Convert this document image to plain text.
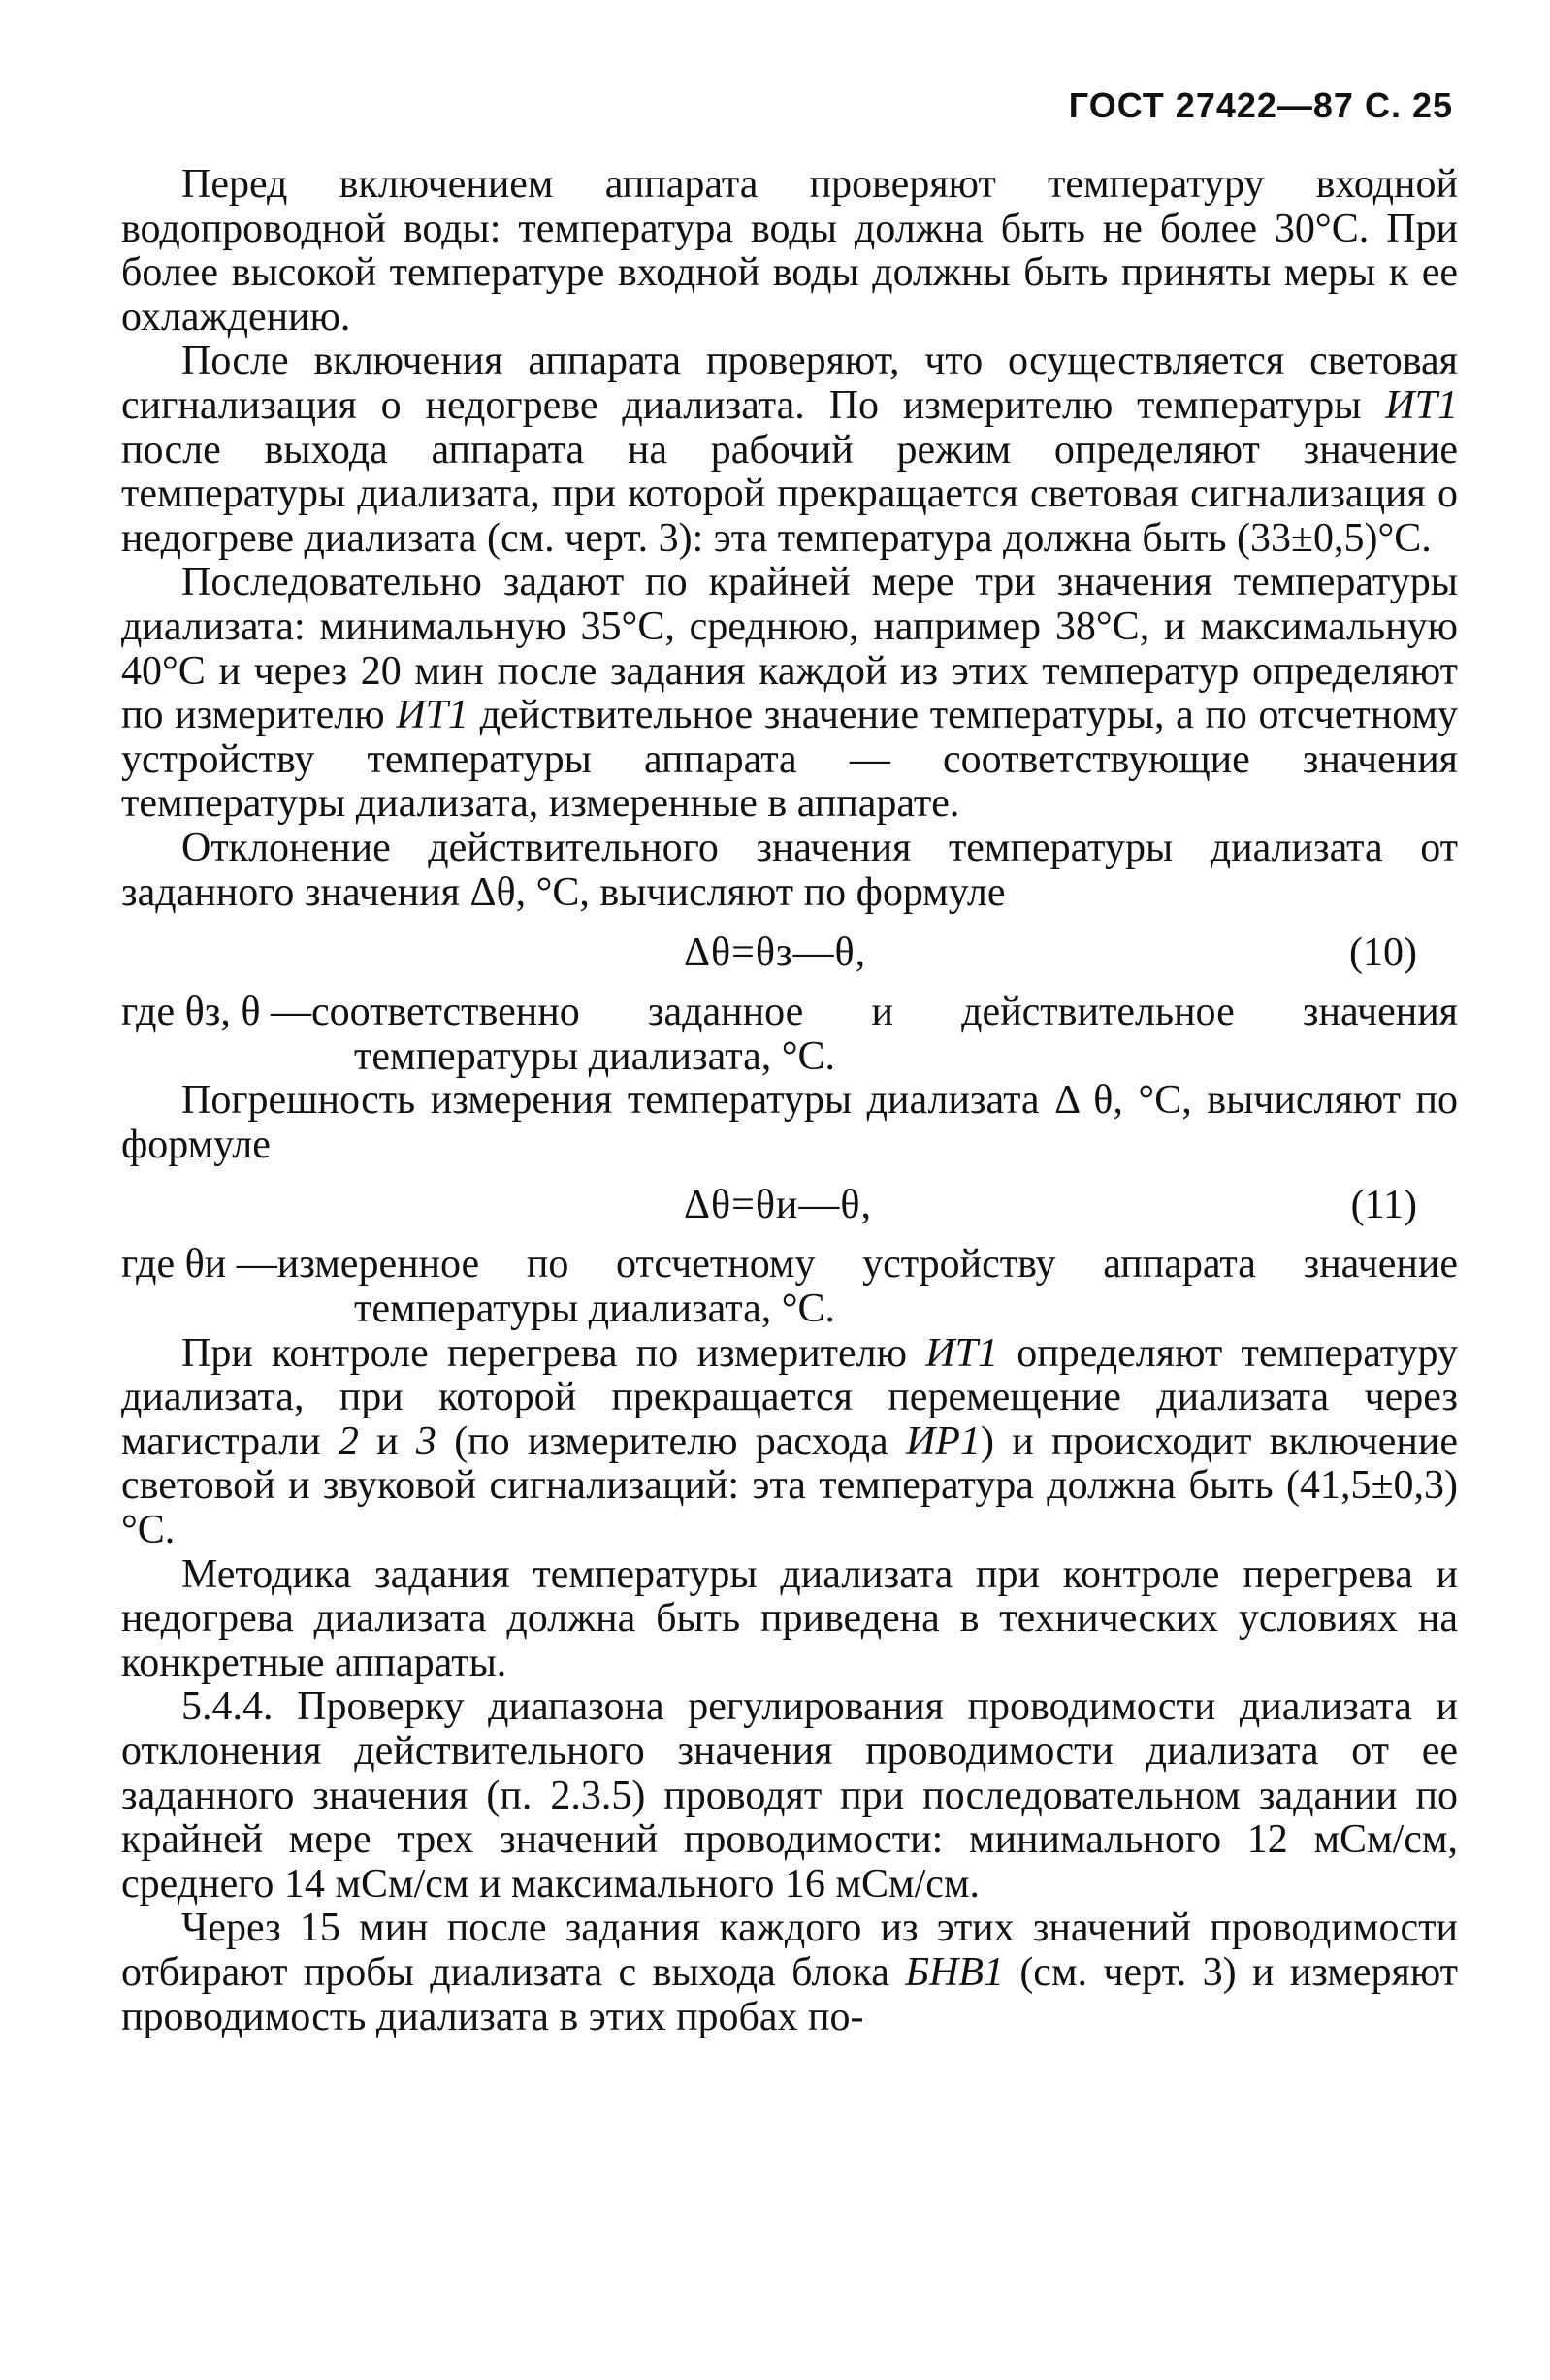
ГОСТ 27422—87 С. 25

Перед включением аппарата проверяют температуру входной водопроводной воды: температура воды должна быть не более 30°С. При более высокой температуре входной воды должны быть приняты меры к ее охлаждению.

После включения аппарата проверяют, что осуществляется световая сигнализация о недогреве диализата. По измерителю температуры ИТ1 после выхода аппарата на рабочий режим определяют значение температуры диализата, при которой прекращается световая сигнализация о недогреве диализата (см. черт. 3): эта температура должна быть (33±0,5)°С.

Последовательно задают по крайней мере три значения температуры диализата: минимальную 35°С, среднюю, например 38°С, и максимальную 40°С и через 20 мин после задания каждой из этих температур определяют по измерителю ИТ1 действительное значение температуры, а по отсчетному устройству температуры аппарата — соответствующие значения температуры диализата, измеренные в аппарате.

Отклонение действительного значения температуры диализата от заданного значения Δθ, °С, вычисляют по формуле

Δθ=θз—θ,	(10)

где θз, θ —соответственно заданное и действительное значения температуры диализата, °С.

Погрешность измерения температуры диализата Δ θ, °С, вычисляют по формуле

Δθ=θи—θ,	(11)

где θи —измеренное по отсчетному устройству аппарата значение температуры диализата, °С.

При контроле перегрева по измерителю ИТ1 определяют температуру диализата, при которой прекращается перемещение диализата через магистрали 2 и 3 (по измерителю расхода ИР1) и происходит включение световой и звуковой сигнализаций: эта температура должна быть (41,5±0,3)°С.

Методика задания температуры диализата при контроле перегрева и недогрева диализата должна быть приведена в технических условиях на конкретные аппараты.

5.4.4. Проверку диапазона регулирования проводимости диализата и отклонения действительного значения проводимости диализата от ее заданного значения (п. 2.3.5) проводят при последовательном задании по крайней мере трех значений проводимости: минимального 12 мСм/см, среднего 14 мСм/см и максимального 16 мСм/см.

Через 15 мин после задания каждого из этих значений проводимости отбирают пробы диализата с выхода блока БНВ1 (см. черт. 3) и измеряют проводимость диализата в этих пробах по-
